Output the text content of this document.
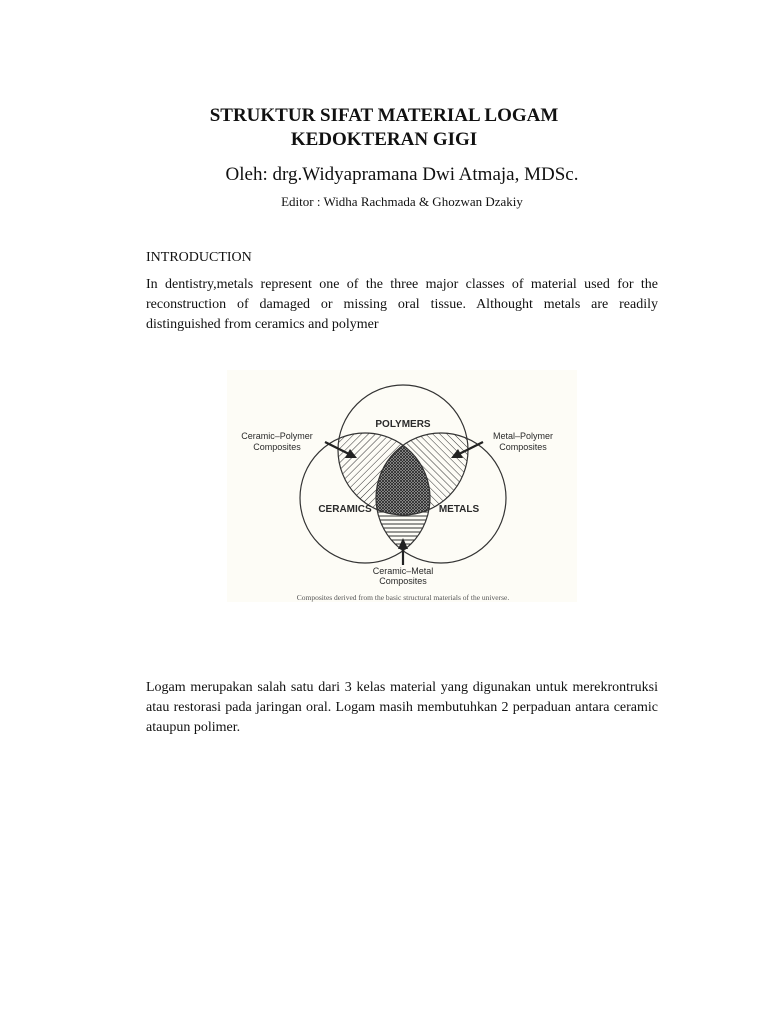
STRUKTUR SIFAT MATERIAL LOGAM
KEDOKTERAN GIGI
Oleh: drg.Widyapramana Dwi Atmaja, MDSc.
Editor : Widha Rachmada & Ghozwan Dzakiy
INTRODUCTION
In dentistry,metals represent one of the three major classes of material used for the reconstruction of damaged or missing oral tissue. Althought metals are readily distinguished from ceramics and polymer
POLYMERS
CERAMICS	METALS
Ceramic–Polymer
Composites
Metal–Polymer
Composites
Ceramic–Metal
Composites
Composites derived from the basic structural materials of the universe.
Logam merupakan salah satu dari 3 kelas material yang digunakan untuk merekrontruksi atau restorasi pada jaringan oral. Logam masih membutuhkan 2 perpaduan antara ceramic ataupun polimer.
